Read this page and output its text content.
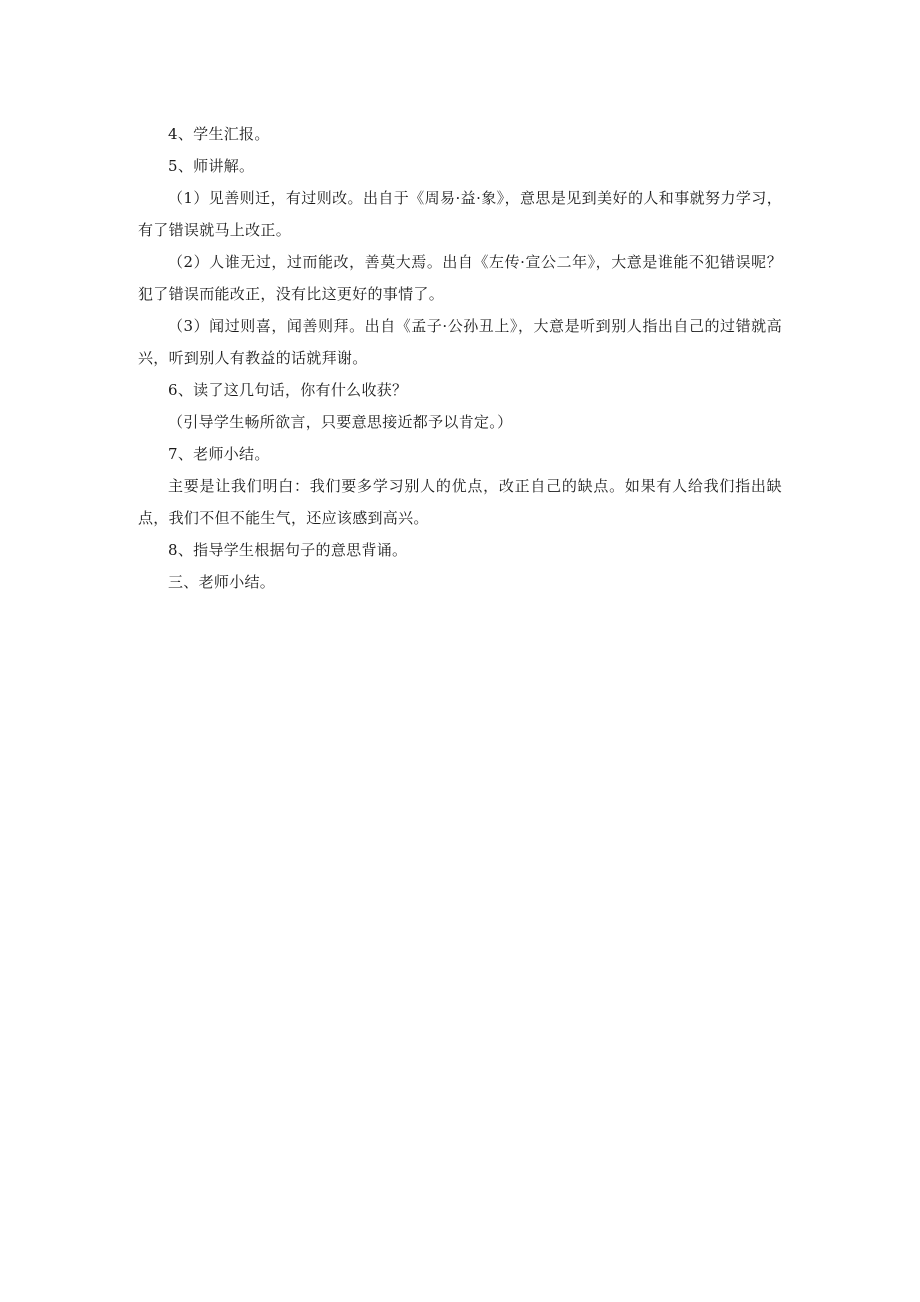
4、学生汇报。

5、师讲解。

（1）见善则迁，有过则改。出自于《周易·益·象》，意思是见到美好的人和事就努力学习，有了错误就马上改正。

（2）人谁无过，过而能改，善莫大焉。出自《左传·宣公二年》，大意是谁能不犯错误呢？犯了错误而能改正，没有比这更好的事情了。

（3）闻过则喜，闻善则拜。出自《孟子·公孙丑上》，大意是听到别人指出自己的过错就高兴，听到别人有教益的话就拜谢。

6、读了这几句话，你有什么收获？

（引导学生畅所欲言，只要意思接近都予以肯定。）

7、老师小结。

主要是让我们明白：我们要多学习别人的优点，改正自己的缺点。如果有人给我们指出缺点，我们不但不能生气，还应该感到高兴。

8、指导学生根据句子的意思背诵。

三、老师小结。
